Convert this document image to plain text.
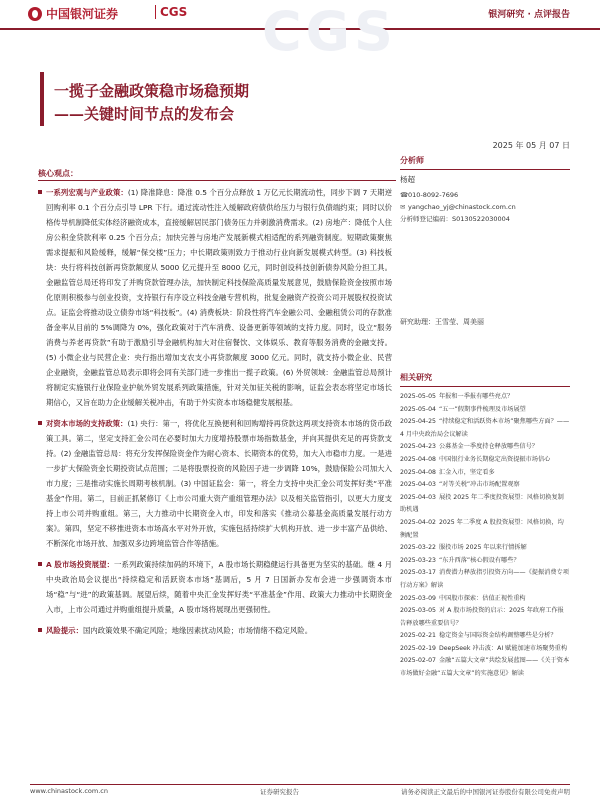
中国银河证券	CGS	银河研究 · 点评报告
CGS
一揽子金融政策稳市场稳预期
——关键时间节点的发布会
2025 年 05 月 07 日
核心观点：
一系列宏观与产业政策：(1) 降准降息：降准 0.5 个百分点释放 1 万亿元长期流动性，同步下调 7 天期逆回购利率 0.1 个百分点引导 LPR 下行。通过流动性注入缓解政府债供给压力与银行负债端约束；同时以价格传导机制降低实体经济融资成本，直接缓解居民部门债务压力并刺激消费需求。(2) 房地产：降低个人住房公积金贷款利率 0.25 个百分点；加快完善与房地产发展新模式相适配的系列融资制度。短期政策聚焦需求提振和风险缓释，缓解“保交楼”压力；中长期政策则致力于推动行业向新发展模式转型。(3) 科技板块：央行将科技创新再贷款额度从 5000 亿元提升至 8000 亿元，同时创设科技创新债券风险分担工具。金融监管总局还将印发了并购贷款管理办法，加快制定科技保险高质量发展意见，鼓励保险资金按照市场化原则积极参与创业投资，支持银行有序设立科技金融专营机构，批复金融资产投资公司开展股权投资试点。证监会将推动设立债券市场“科技板”。(4) 消费板块：阶段性将汽车金融公司、金融租赁公司的存款准备金率从目前的 5%调降为 0%，强化政策对于汽车消费、设备更新等领域的支持力度。同时，设立“服务消费与养老再贷款”有助于激励引导金融机构加大对住宿餐饮、文体娱乐、教育等服务消费的金融支持。(5) 小微企业与民营企业：央行指出增加支农支小再贷款额度 3000 亿元。同时，就支持小微企业、民营企业融资，金融监管总局表示即将会同有关部门进一步推出一揽子政策。(6) 外贸领域：金融监管总局预计将制定实施银行业保险业护航外贸发展系列政策措施，针对关加征关税的影响，证监会表态将坚定市场长期信心，又旨在助力企业缓解关税冲击，有助于外实资本市场稳健发展根基。
对资本市场的支持政策：(1) 央行：第一，将优化互换便利和回购增持再贷款这两项支持资本市场的货币政策工具。第二，坚定支持汇金公司在必要时加大力度增持股票市场指数基金，并向其提供充足的再贷款支持。(2) 金融监管总局：将充分发挥保险资金作为耐心资本、长期资本的优势，加大入市稳市力度。一是进一步扩大保险资金长期投资试点范围；二是将股票投资的风险因子进一步调降 10%，鼓励保险公司加大入市力度；三是推动实施长周期考核机制。(3) 中国证监会：第一，将全力支持中央汇金公司发挥好类“平准基金”作用。第二，目前正抓紧修订《上市公司重大资产重组管理办法》以及相关监管指引，以更大力度支持上市公司并购重组。第三，大力推动中长期资金入市，印发和落实《推动公募基金高质量发展行动方案》。第四，坚定不移推进资本市场高水平对外开放，实施包括持续扩大机构开放、进一步丰富产品供给、不断深化市场开放、加强双多边跨境监管合作等措施。
A 股市场投资展望：一系列政策持续加码的环境下，A 股市场长期稳健运行具备更为坚实的基础。继 4 月中央政治局会议提出“持续稳定和活跃资本市场”基调后，5 月 7 日国新办发布会进一步强调资本市场“稳”与“进”的政策基调。展望后续，随着中央汇金发挥好类“平准基金”作用、政策大力推动中长期资金入市，上市公司通过并购重组提升质量，A 股市场将展现出更强韧性。
风险提示：国内政策效果不确定风险；地缘因素扰动风险；市场情绪不稳定风险。
分析师
杨超
☎010-8092-7696
✉ yangchao_yj@chinastock.com.cn
分析师登记编码：S0130522030004
研究助理：王雪莹、周美丽
相关研究
2025-05-05 年报和一季报有哪些亮点？
2025-05-04 “五一”假期事件梳理及市场展望
2025-04-25 “持续稳定和活跃资本市场”聚焦哪些方面？——4 月中央政治局会议解读
2025-04-23 公募基金一季度持仓释放哪些信号？
2025-04-08 中国银行业务长期稳定出资提振市场信心
2025-04-08 汇金入市，坚定看多
2025-04-03 “对等关税”冲击市场配置观察
2025-04-03 展投 2025 年二季度投资展望：风格切换复制助机遇
2025-04-02 2025 年二季度 A 股投资展望：风格切换，均衡配置
2025-03-22 服投市场 2025 年以来行情拆解
2025-03-23 “东升西落”核心假设有哪些？
2025-03-17 消费潜力释放指引投资方向——《提振消费专项行动方案》解读
2025-03-09 中国股市探索：估值正视性重构
2025-03-05 对 A 股市场投资的启示：2025 年政府工作报告释放哪些重要信号？
2025-02-21 稳定资金与国际资金结构调整哪些是分析？
2025-02-19 DeepSeek 冲击波：AI 赋能加速市场聚势重构
2025-02-07 金融“五篇大文章”共绘发展蓝图——《关于资本市场做好金融“五篇大文章”的实施意见》解读
www.chinastock.com.cn	证券研究报告	请务必阅读正文最后的中国银河证券股份有限公司免责声明
